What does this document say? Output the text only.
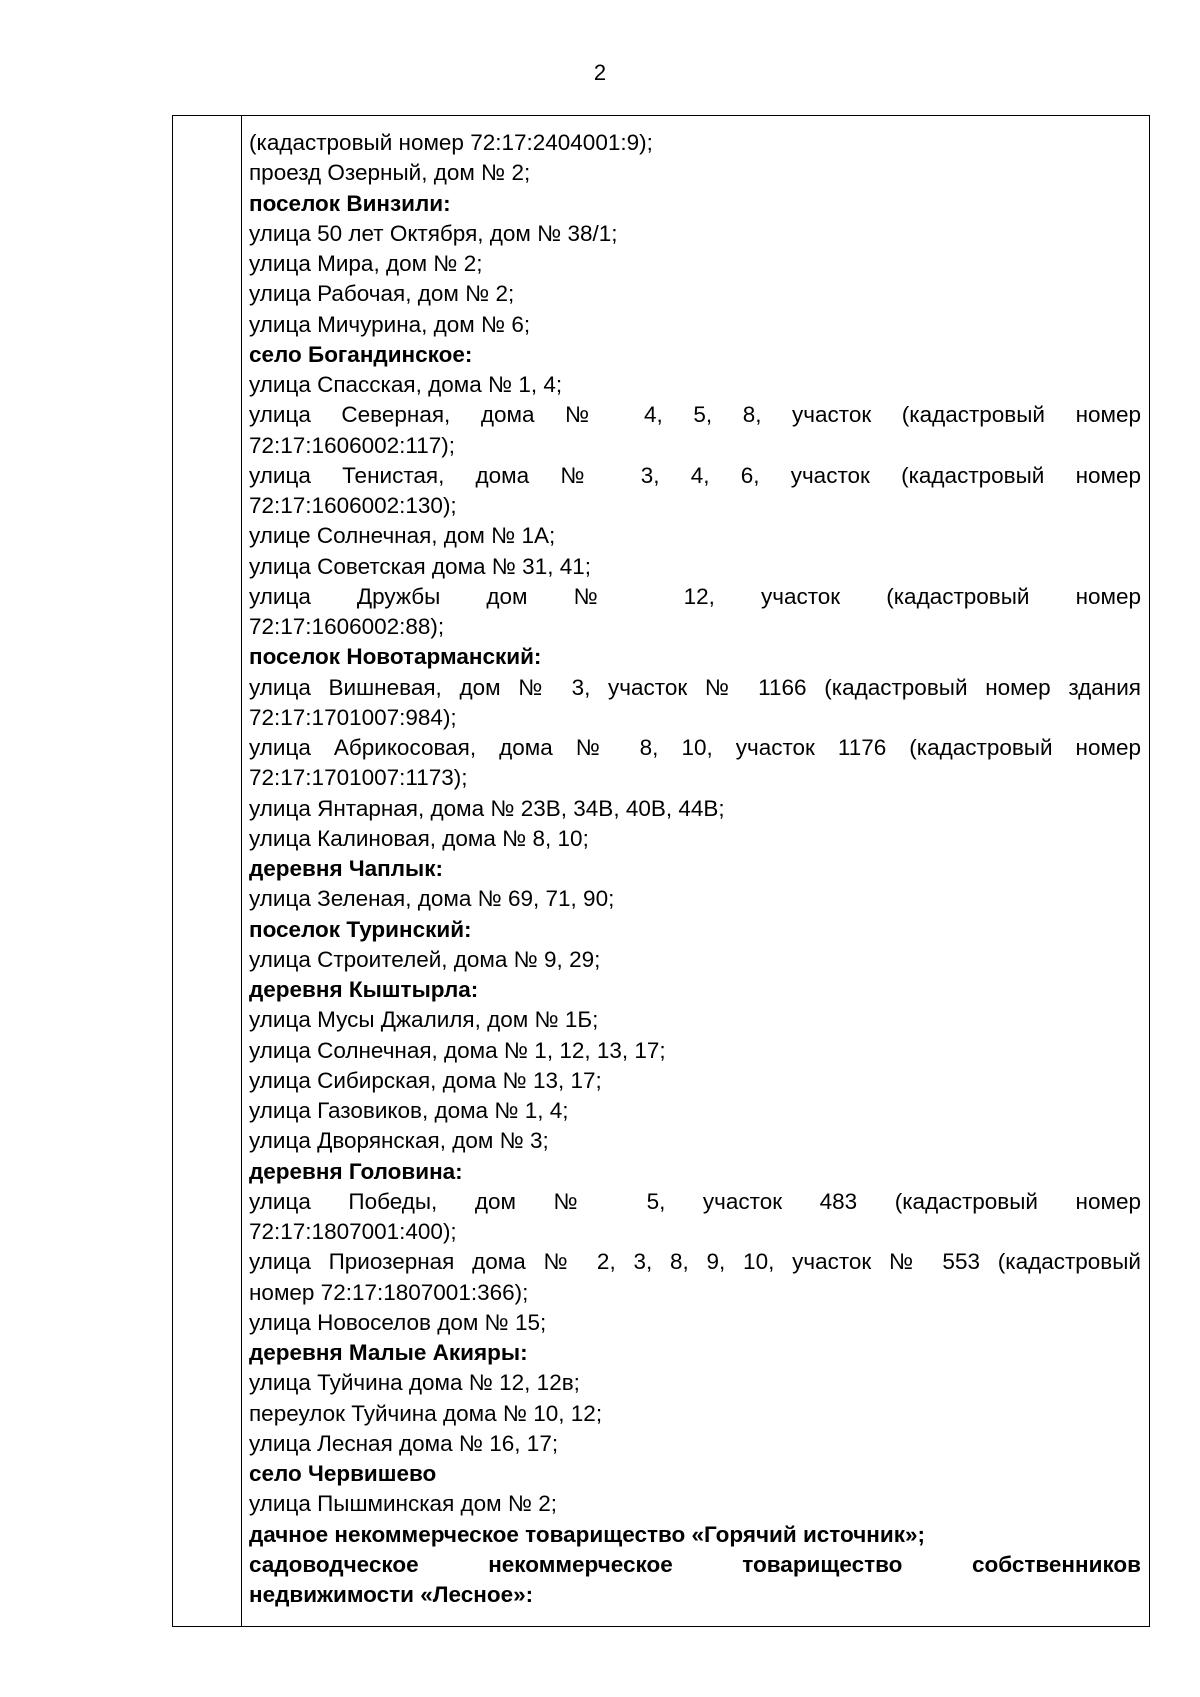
2
(кадастровый номер 72:17:2404001:9);
проезд Озерный, дом № 2;
поселок Винзили:
улица 50 лет Октября, дом № 38/1;
улица Мира, дом № 2;
улица Рабочая, дом № 2;
улица Мичурина, дом № 6;
село Богандинское:
улица Спасская, дома № 1, 4;
улица Северная, дома № 4, 5, 8, участок (кадастровый номер
72:17:1606002:117);
улица Тенистая, дома № 3, 4, 6, участок (кадастровый номер
72:17:1606002:130);
улице Солнечная, дом № 1А;
улица Советская дома № 31, 41;
улица Дружбы дом № 12, участок (кадастровый номер
72:17:1606002:88);
поселок Новотарманский:
улица Вишневая, дом № 3, участок № 1166 (кадастровый номер здания
72:17:1701007:984);
улица Абрикосовая, дома № 8, 10, участок 1176 (кадастровый номер
72:17:1701007:1173);
улица Янтарная, дома № 23В, 34В, 40В, 44В;
улица Калиновая, дома № 8, 10;
деревня Чаплык:
улица Зеленая, дома № 69, 71, 90;
поселок Туринский:
улица Строителей, дома № 9, 29;
деревня Кыштырла:
улица Мусы Джалиля, дом № 1Б;
улица Солнечная, дома № 1, 12, 13, 17;
улица Сибирская, дома № 13, 17;
улица Газовиков, дома № 1, 4;
улица Дворянская, дом № 3;
деревня Головина:
улица Победы, дом № 5, участок 483 (кадастровый номер
72:17:1807001:400);
улица Приозерная дома № 2, 3, 8, 9, 10, участок № 553 (кадастровый
номер 72:17:1807001:366);
улица Новоселов дом № 15;
деревня Малые Акияры:
улица Туйчина дома № 12, 12в;
переулок Туйчина дома № 10, 12;
улица Лесная дома № 16, 17;
село Червишево
улица Пышминская дом № 2;
дачное некоммерческое товарищество «Горячий источник»;
садоводческое некоммерческое товарищество собственников
недвижимости «Лесное»:
